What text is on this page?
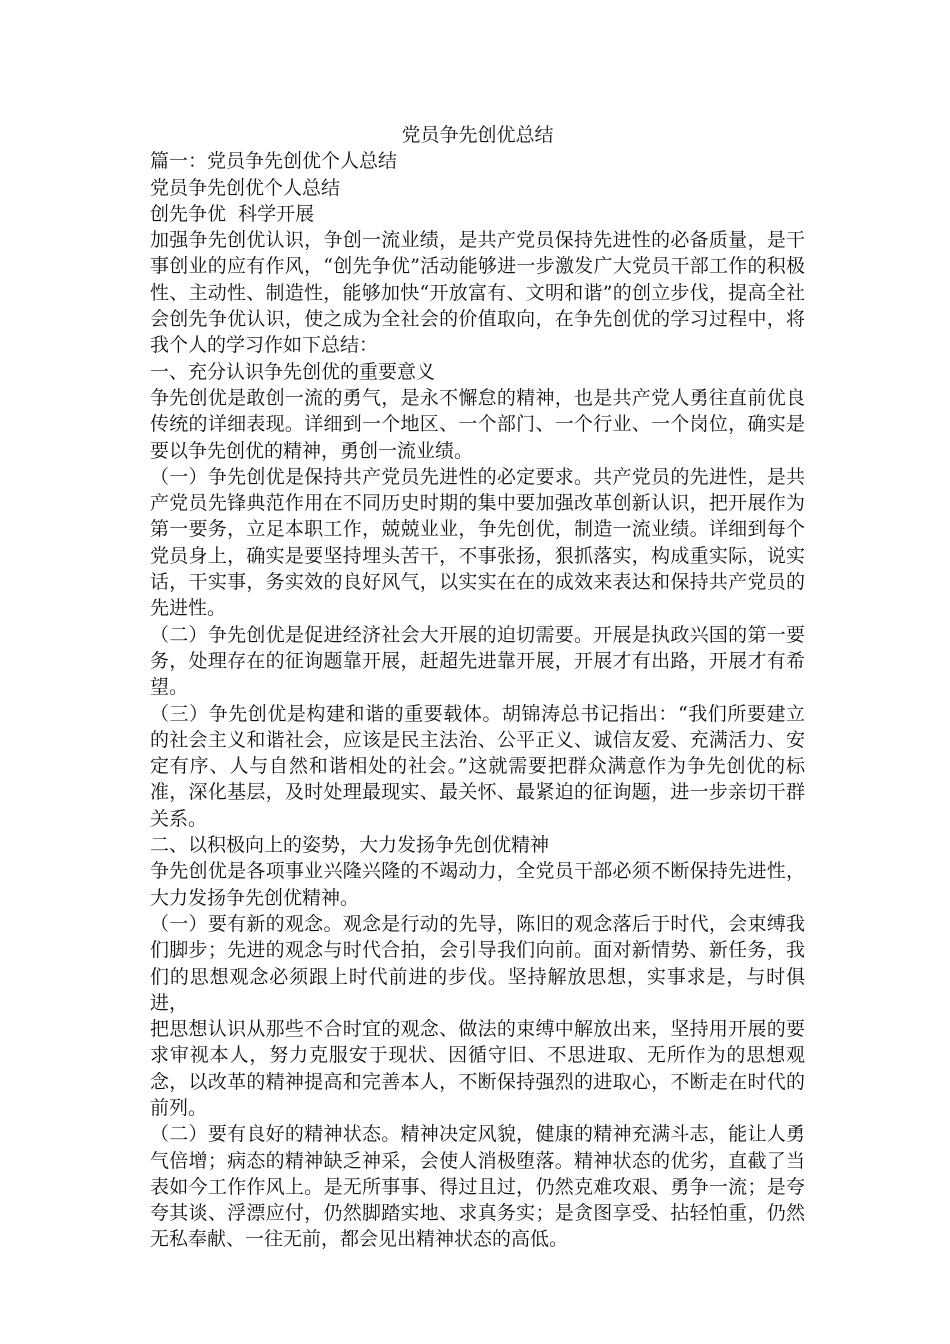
党员争先创优总结

篇一：党员争先创优个人总结

党员争先创优个人总结

创先争优  科学开展

加强争先创优认识，争创一流业绩，是共产党员保持先进性的必备质量，是干事创业的应有作风，“创先争优”活动能够进一步激发广大党员干部工作的积极性、主动性、制造性，能够加快“开放富有、文明和谐”的创立步伐，提高全社会创先争优认识，使之成为全社会的价值取向，在争先创优的学习过程中，将我个人的学习作如下总结：

一、充分认识争先创优的重要意义

争先创优是敢创一流的勇气，是永不懈怠的精神，也是共产党人勇往直前优良传统的详细表现。详细到一个地区、一个部门、一个行业、一个岗位，确实是要以争先创优的精神，勇创一流业绩。

（一）争先创优是保持共产党员先进性的必定要求。共产党员的先进性，是共产党员先锋典范作用在不同历史时期的集中要加强改革创新认识，把开展作为第一要务，立足本职工作，兢兢业业，争先创优，制造一流业绩。详细到每个党员身上，确实是要坚持埋头苦干，不事张扬，狠抓落实，构成重实际，说实话，干实事，务实效的良好风气，以实实在在的成效来表达和保持共产党员的先进性。

（二）争先创优是促进经济社会大开展的迫切需要。开展是执政兴国的第一要务，处理存在的征询题靠开展，赶超先进靠开展，开展才有出路，开展才有希望。

（三）争先创优是构建和谐的重要载体。胡锦涛总书记指出：“我们所要建立的社会主义和谐社会，应该是民主法治、公平正义、诚信友爱、充满活力、安定有序、人与自然和谐相处的社会。”这就需要把群众满意作为争先创优的标准，深化基层，及时处理最现实、最关怀、最紧迫的征询题，进一步亲切干群关系。

二、以积极向上的姿势，大力发扬争先创优精神

争先创优是各项事业兴隆兴隆的不竭动力，全党员干部必须不断保持先进性，大力发扬争先创优精神。

（一）要有新的观念。观念是行动的先导，陈旧的观念落后于时代，会束缚我们脚步；先进的观念与时代合拍，会引导我们向前。面对新情势、新任务，我们的思想观念必须跟上时代前进的步伐。坚持解放思想，实事求是，与时俱进，

把思想认识从那些不合时宜的观念、做法的束缚中解放出来，坚持用开展的要求审视本人，努力克服安于现状、因循守旧、不思进取、无所作为的思想观念，以改革的精神提高和完善本人，不断保持强烈的进取心，不断走在时代的前列。

（二）要有良好的精神状态。精神决定风貌，健康的精神充满斗志，能让人勇气倍增；病态的精神缺乏神采，会使人消极堕落。精神状态的优劣，直截了当表如今工作作风上。是无所事事、得过且过，仍然克难攻艰、勇争一流；是夸夸其谈、浮漂应付，仍然脚踏实地、求真务实；是贪图享受、拈轻怕重，仍然无私奉献、一往无前，都会见出精神状态的高低。
